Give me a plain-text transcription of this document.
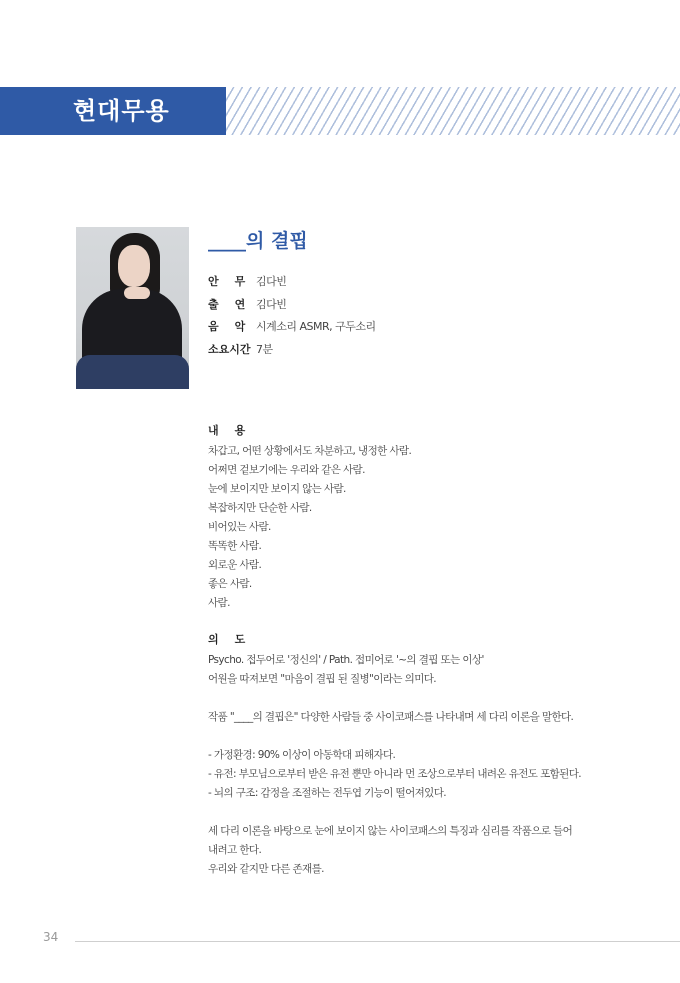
현대무용
____의 결핍
안 무 김다빈
출 연 김다빈
음 악 시계소리 ASMR, 구두소리
소요시간 7분
내 용
차갑고, 어떤 상황에서도 차분하고, 냉정한 사람.
어쩌면 겉보기에는 우리와 같은 사람.
눈에 보이지만 보이지 않는 사람.
복잡하지만 단순한 사람.
비어있는 사람.
똑똑한 사람.
외로운 사람.
좋은 사람.
사람.
의 도
Psycho. 접두어로 '정신의' / Path. 접미어로 '~의 결핍 또는 이상'
어원을 따져보면 "마음이 결핍 된 질병"이라는 의미다.
작품 "____의 결핍은" 다양한 사람들 중 사이코패스를 나타내며 세 다리 이론을 말한다.
- 가정환경: 90% 이상이 아동학대 피해자다.
- 유전: 부모님으로부터 받은 유전 뿐만 아니라 먼 조상으로부터 내려온 유전도 포함된다.
- 뇌의 구조: 감정을 조절하는 전두엽 기능이 떨어져있다.
세 다리 이론을 바탕으로 눈에 보이지 않는 사이코패스의 특징과 심리를 작품으로 들어
내려고 한다.
우리와 같지만 다른 존재를.
34
